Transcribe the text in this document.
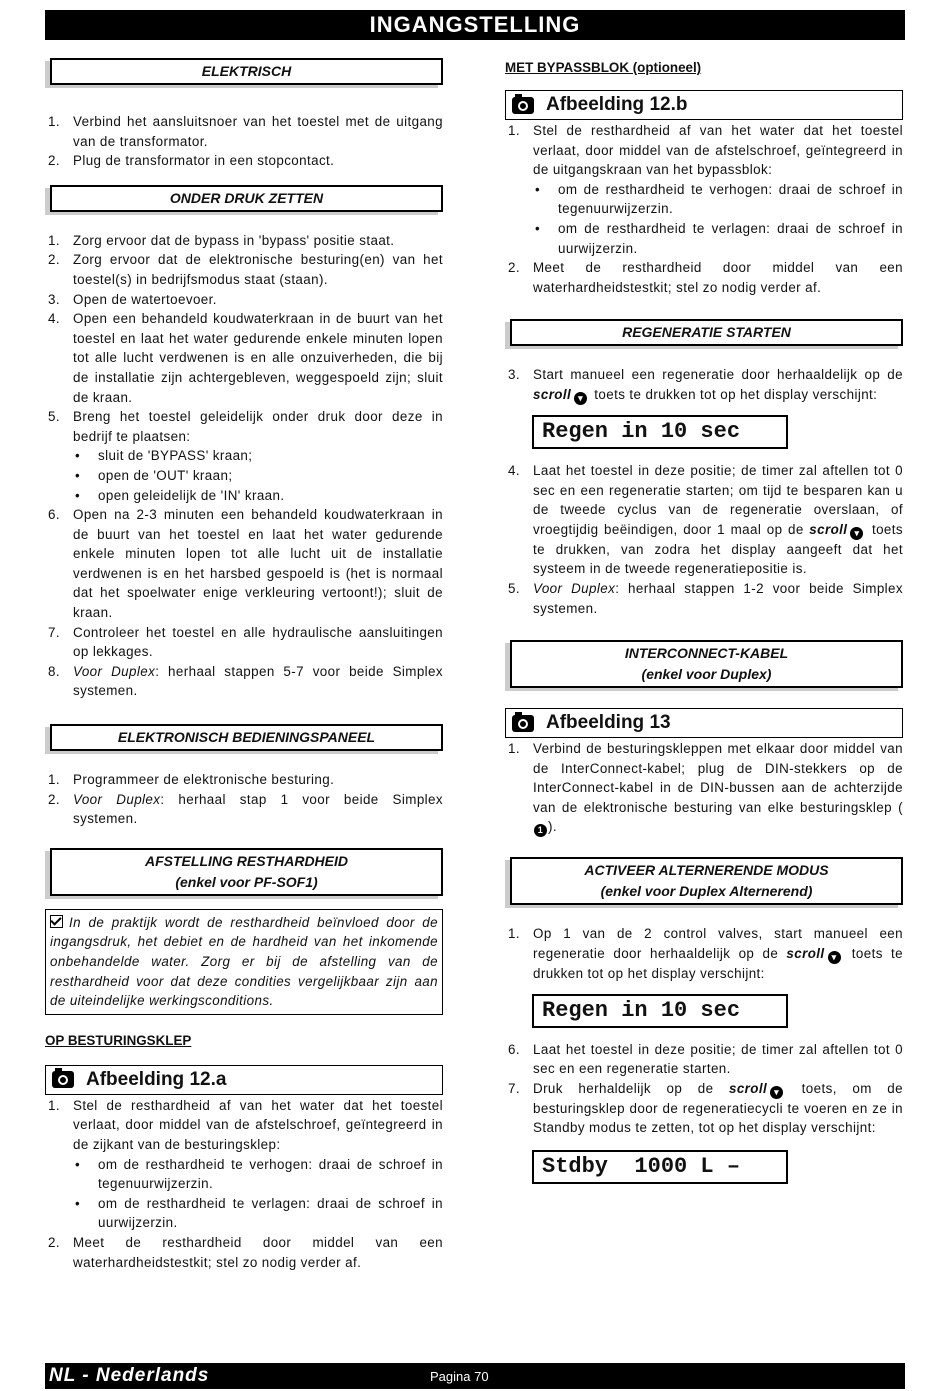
INGANGSTELLING
ELEKTRISCH
1. Verbind het aansluitsnoer van het toestel met de uitgang van de transformator.
2. Plug de transformator in een stopcontact.
ONDER DRUK ZETTEN
1. Zorg ervoor dat de bypass in 'bypass' positie staat.
2. Zorg ervoor dat de elektronische besturing(en) van het toestel(s) in bedrijfsmodus staat (staan).
3. Open de watertoevoer.
4. Open een behandeld koudwaterkraan in de buurt van het toestel en laat het water gedurende enkele minuten lopen tot alle lucht verdwenen is en alle onzuiverheden, die bij de installatie zijn achtergebleven, weggespoeld zijn; sluit de kraan.
5. Breng het toestel geleidelijk onder druk door deze in bedrijf te plaatsen:
• sluit de 'BYPASS' kraan;
• open de 'OUT' kraan;
• open geleidelijk de 'IN' kraan.
6. Open na 2-3 minuten een behandeld koudwaterkraan in de buurt van het toestel en laat het water gedurende enkele minuten lopen tot alle lucht uit de installatie verdwenen is en het harsbed gespoeld is (het is normaal dat het spoelwater enige verkleuring vertoont!); sluit de kraan.
7. Controleer het toestel en alle hydraulische aansluitingen op lekkages.
8. Voor Duplex: herhaal stappen 5-7 voor beide Simplex systemen.
ELEKTRONISCH BEDIENINGSPANEEL
1. Programmeer de elektronische besturing.
2. Voor Duplex: herhaal stap 1 voor beide Simplex systemen.
AFSTELLING RESTHARDHEID
(enkel voor PF-SOF1)
In de praktijk wordt de resthardheid beïnvloed door de ingangsdruk, het debiet en de hardheid van het inkomende onbehandelde water. Zorg er bij de afstelling van de resthardheid voor dat deze condities vergelijkbaar zijn aan de uiteindelijke werkingsconditions.
OP BESTURINGSKLEP
Afbeelding 12.a
1. Stel de resthardheid af van het water dat het toestel verlaat, door middel van de afstelschroef, geïntegreerd in de zijkant van de besturingsklep:
• om de resthardheid te verhogen: draai de schroef in tegenuurwijzerzin.
• om de resthardheid te verlagen: draai de schroef in uurwijzerzin.
2. Meet de resthardheid door middel van een waterhardheidstestkit; stel zo nodig verder af.
MET BYPASSBLOK (optioneel)
Afbeelding 12.b
1. Stel de resthardheid af van het water dat het toestel verlaat, door middel van de afstelschroef, geïntegreerd in de uitgangskraan van het bypassblok:
• om de resthardheid te verhogen: draai de schroef in tegenuurwijzerzin.
• om de resthardheid te verlagen: draai de schroef in uurwijzerzin.
2. Meet de resthardheid door middel van een waterhardheidstestkit; stel zo nodig verder af.
REGENERATIE STARTEN
3. Start manueel een regeneratie door herhaaldelijk op de scroll ▾ toets te drukken tot op het display verschijnt:
Regen in 10 sec
4. Laat het toestel in deze positie; de timer zal aftellen tot 0 sec en een regeneratie starten; om tijd te besparen kan u de tweede cyclus van de regeneratie overslaan, of vroegtijdig beëindigen, door 1 maal op de scroll ▾ toets te drukken, van zodra het display aangeeft dat het systeem in de tweede regeneratiepositie is.
5. Voor Duplex: herhaal stappen 1-2 voor beide Simplex systemen.
INTERCONNECT-KABEL
(enkel voor Duplex)
Afbeelding 13
1. Verbind de besturingskleppen met elkaar door middel van de InterConnect-kabel; plug de DIN-stekkers op de InterConnect-kabel in de DIN-bussen aan de achterzijde van de elektronische besturing van elke besturingsklep (1 ).
ACTIVEER ALTERNERENDE MODUS
(enkel voor Duplex Alternerend)
1. Op 1 van de 2 control valves, start manueel een regeneratie door herhaaldelijk op de scroll ▾ toets te drukken tot op het display verschijnt:
Regen in 10 sec
6. Laat het toestel in deze positie; de timer zal aftellen tot 0 sec en een regeneratie starten.
7. Druk herhaldelijk op de scroll ▾ toets, om de besturingsklep door de regeneratiecycli te voeren en ze in Standby modus te zetten, tot op het display verschijnt:
Stdby  1000 L –
NL - Nederlands	Pagina 70
